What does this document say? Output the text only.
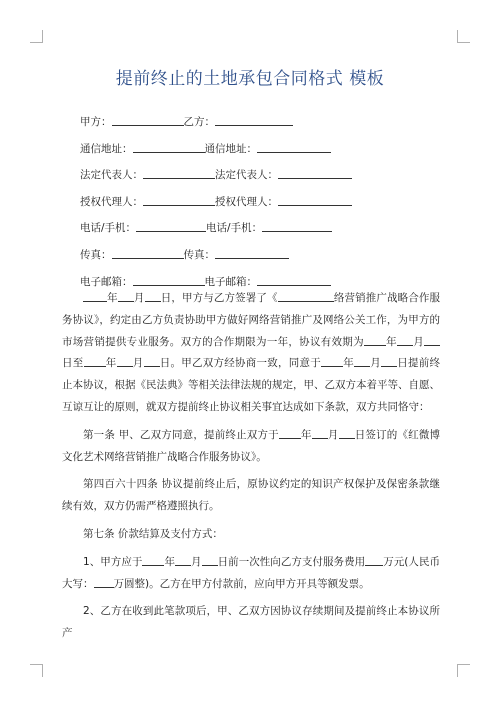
提前终止的土地承包合同格式 模板
甲方：	乙方：
通信地址：	通信地址：
法定代表人：	法定代表人：
授权代理人：	授权代理人：
电话/手机：	电话/手机：
传真：	传真：
电子邮箱：	电子邮箱：

年 月 日，甲方与乙方签署了《	络营销推广战略合作服务协议》，约定由乙方负责协助甲方做好网络营销推广及网络公关工作，为甲方的市场营销提供专业服务。双方的合作期限为一年，协议有效期为 年 月日至 年 月 日。甲乙双方经协商一致，同意于 年 月 日提前终止本协议，根据《民法典》等相关法律法规的规定，甲、乙双方本着平等、自愿、互谅互让的原则，就双方提前终止协议相关事宜达成如下条款，双方共同恪守：

第一条 甲、乙双方同意，提前终止双方于 年 月 日签订的《红微博文化艺术网络营销推广战略合作服务协议》。

第四百六十四条 协议提前终止后，原协议约定的知识产权保护及保密条款继续有效，双方仍需严格遵照执行。

第七条 价款结算及支付方式：

1、甲方应于 年 月 日前一次性向乙方支付服务费用 万元(人民币大写： 万圆整)。乙方在甲方付款前，应向甲方开具等额发票。

2、乙方在收到此笔款项后，甲、乙双方因协议存续期间及提前终止本协议所产
